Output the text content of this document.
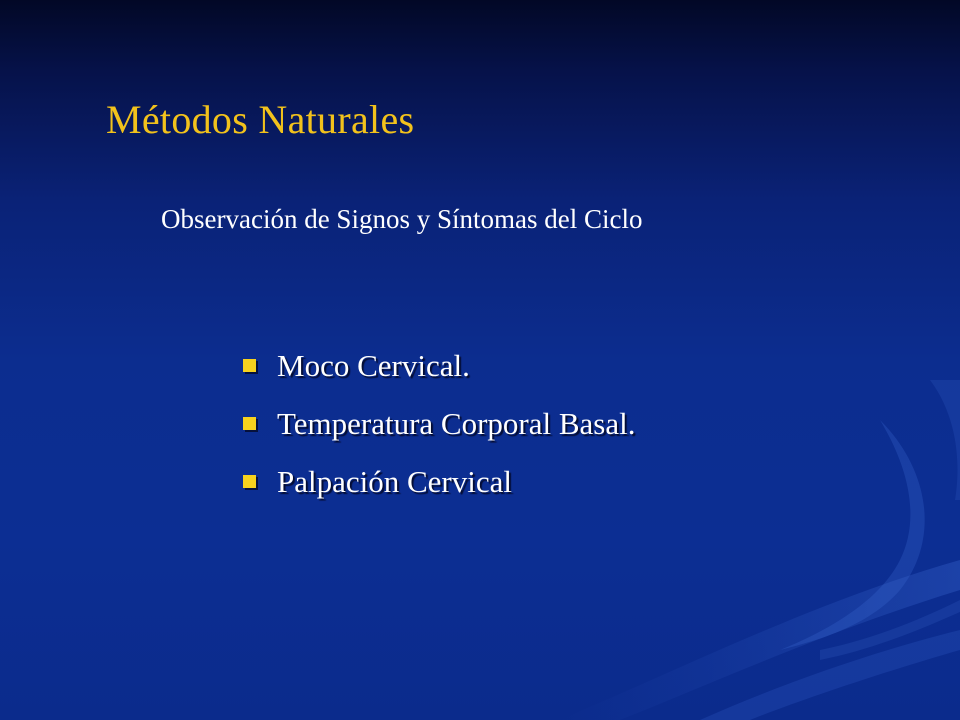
Métodos Naturales

Observación de Signos y Síntomas del Ciclo

Moco Cervical.
Temperatura Corporal Basal.
Palpación Cervical
